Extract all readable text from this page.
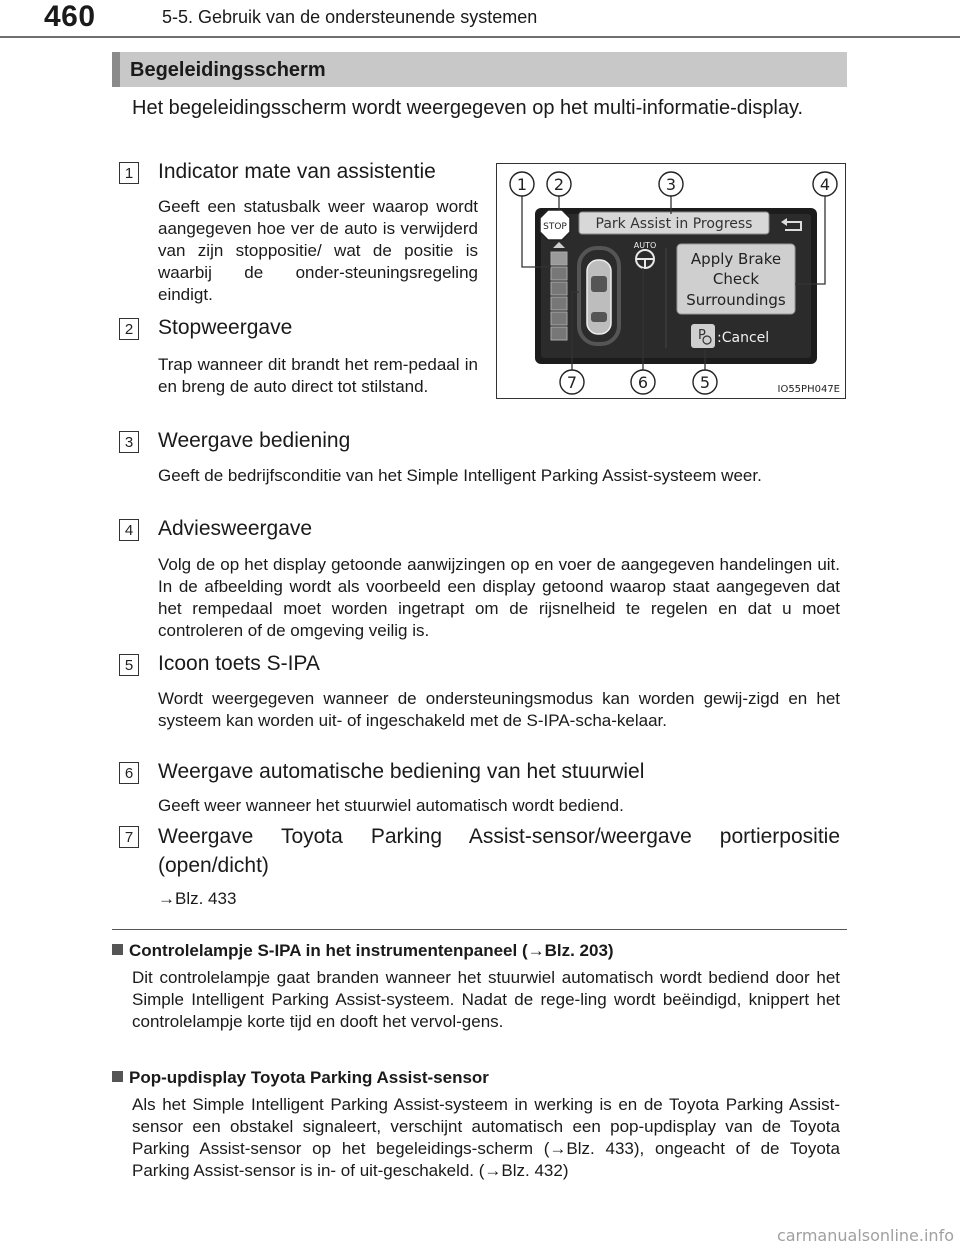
460	5-5. Gebruik van de ondersteunende systemen
Begeleidingsscherm
Het begeleidingsscherm wordt weergegeven op het multi-informatie-display.
1 Indicator mate van assistentie
Geeft een statusbalk weer waarop wordt aangegeven hoe ver de auto is verwijderd van zijn stoppositie/ wat de positie is waarbij de onder-steuningsregeling eindigt.
2 Stopweergave
Trap wanneer dit brandt het rem-pedaal in en breng de auto direct tot stilstand.
STOP Park Assist in Progress
AUTO
Apply Brake
Check
Surroundings
P :Cancel
1 2	3	4
5
6
7	IO55PH047E
3 Weergave bediening
Geeft de bedrijfsconditie van het Simple Intelligent Parking Assist-systeem weer.
4 Adviesweergave
Volg de op het display getoonde aanwijzingen op en voer de aangegeven handelingen uit. In de afbeelding wordt als voorbeeld een display getoond waarop staat aangegeven dat het rempedaal moet worden ingetrapt om de rijsnelheid te regelen en dat u moet controleren of de omgeving veilig is.
5 Icoon toets S-IPA
Wordt weergegeven wanneer de ondersteuningsmodus kan worden gewij-zigd en het systeem kan worden uit- of ingeschakeld met de S-IPA-scha-kelaar.
6 Weergave automatische bediening van het stuurwiel
Geeft weer wanneer het stuurwiel automatisch wordt bediend.
7 Weergave Toyota Parking Assist-sensor/weergave portierpositie (open/dicht)
→Blz. 433
Controlelampje S-IPA in het instrumentenpaneel (→Blz. 203)
Dit controlelampje gaat branden wanneer het stuurwiel automatisch wordt bediend door het Simple Intelligent Parking Assist-systeem. Nadat de rege-ling wordt beëindigd, knippert het controlelampje korte tijd en dooft het vervol-gens.
Pop-updisplay Toyota Parking Assist-sensor
Als het Simple Intelligent Parking Assist-systeem in werking is en de Toyota Parking Assist-sensor een obstakel signaleert, verschijnt automatisch een pop-updisplay van de Toyota Parking Assist-sensor op het begeleidings-scherm (→Blz. 433), ongeacht of de Toyota Parking Assist-sensor is in- of uit-geschakeld. (→Blz. 432)
carmanualsonline.info
